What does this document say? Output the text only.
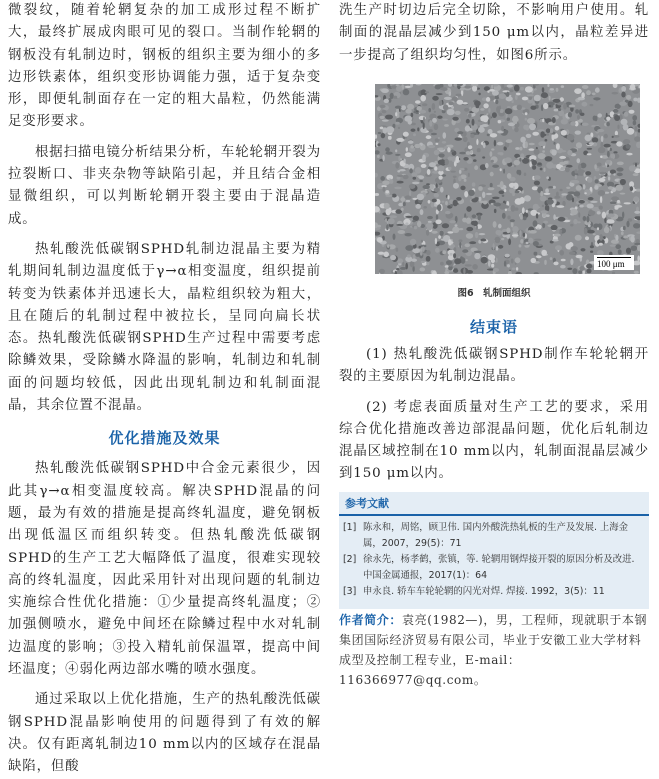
微裂纹，随着轮辋复杂的加工成形过程不断扩大，最终扩展成肉眼可见的裂口。当制作轮辋的钢板没有轧制边时，钢板的组织主要为细小的多边形铁素体，组织变形协调能力强，适于复杂变形，即便轧制面存在一定的粗大晶粒，仍然能满足变形要求。

根据扫描电镜分析结果分析，车轮轮辋开裂为拉裂断口、非夹杂物等缺陷引起，并且结合金相显微组织，可以判断轮辋开裂主要由于混晶造成。

热轧酸洗低碳钢SPHD轧制边混晶主要为精轧期间轧制边温度低于γ→α相变温度，组织提前转变为铁素体并迅速长大，晶粒组织较为粗大，且在随后的轧制过程中被拉长，呈同向扁长状态。热轧酸洗低碳钢SPHD生产过程中需要考虑除鳞效果，受除鳞水降温的影响，轧制边和轧制面的问题均较低，因此出现轧制边和轧制面混晶，其余位置不混晶。

优化措施及效果

热轧酸洗低碳钢SPHD中合金元素很少，因此其γ→α相变温度较高。解决SPHD混晶的问题，最为有效的措施是提高终轧温度，避免钢板出现低温区而组织转变。但热轧酸洗低碳钢SPHD的生产工艺大幅降低了温度，很难实现较高的终轧温度，因此采用针对出现问题的轧制边实施综合性优化措施：①少量提高终轧温度；②加强侧喷水，避免中间坯在除鳞过程中水对轧制边温度的影响；③投入精轧前保温罩，提高中间坯温度；④弱化两边部水嘴的喷水强度。

通过采取以上优化措施，生产的热轧酸洗低碳钢SPHD混晶影响使用的问题得到了有效的解决。仅有距离轧制边10 mm以内的区域存在混晶缺陷，但酸

洗生产时切边后完全切除，不影响用户使用。轧制面的混晶层减少到150 μm以内，晶粒差异进一步提高了组织均匀性，如图6所示。

100 μm
图6　轧制面组织
结束语

(1) 热轧酸洗低碳钢SPHD制作车轮轮辋开裂的主要原因为轧制边混晶。

(2) 考虑表面质量对生产工艺的要求，采用综合优化措施改善边部混晶问题，优化后轧制边混晶区域控制在10 mm以内，轧制面混晶层减少到150 μm以内。

参考文献
[1] 陈永和，周铭，顾卫伟. 国内外酸洗热轧板的生产及发展. 上海金属，2007，29(5)：71
[2] 徐永先，杨孝鹤，张镇，等. 轮辋用钢焊接开裂的原因分析及改进. 中国金属通报，2017(1)：64
[3] 申永良. 轿车车轮轮辋的闪光对焊. 焊接. 1992，3(5)：11
作者简介：袁亮(1982—)，男，工程师，现就职于本钢集团国际经济贸易有限公司，毕业于安徽工业大学材料成型及控制工程专业，E-mail：116366977@qq.com。
